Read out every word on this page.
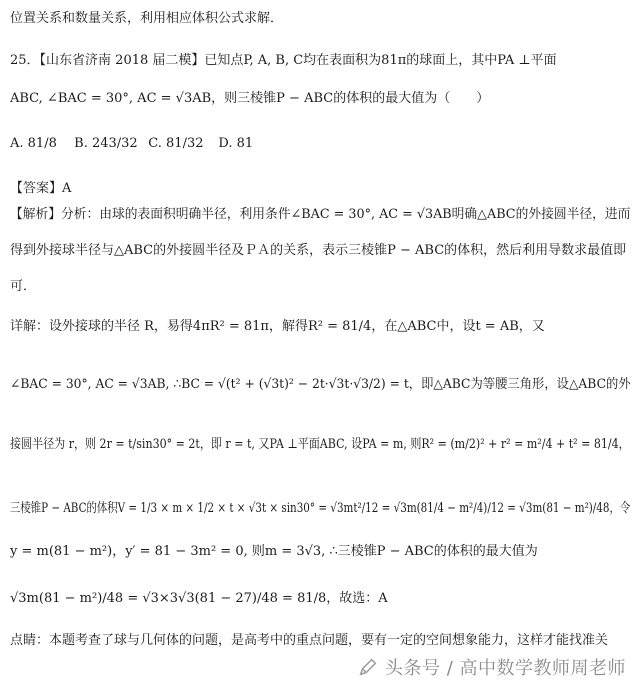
位置关系和数量关系，利用相应体积公式求解．
25．【山东省济南 2018 届二模】已知点P, A, B, C均在表面积为81π的球面上，其中PA ⊥平面
ABC, ∠BAC = 30°, AC = √3AB，则三棱锥P − ABC的体积的最大值为（　　）
A. 81/8 B. 243/32 C. 81/32 D. 81
【答案】A
【解析】分析：由球的表面积明确半径，利用条件∠BAC = 30°, AC = √3AB明确△ABC的外接圆半径，进而
得到外接球半径与△ABC的外接圆半径及ＰＡ的关系，表示三棱锥P − ABC的体积，然后利用导数求最值即
可．
详解：设外接球的半径 R，易得4πR² = 81π，解得R² = 81/4，在△ABC中，设t = AB，又
∠BAC = 30°, AC = √3AB, ∴BC = √(t² + (√3t)² − 2t·√3t·√3/2) = t，即△ABC为等腰三角形，设△ABC的外
接圆半径为 r，则 2r = t/sin30° = 2t，即 r = t, 又PA ⊥平面ABC, 设PA = m, 则R² = (m/2)² + r² = m²/4 + t² = 81/4，
三棱锥P − ABC的体积V = 1/3 × m × 1/2 × t × √3t × sin30° = √3mt²/12 = √3m(81/4 − m²/4)/12 = √3m(81 − m²)/48，令
y = m(81 − m²)，y′ = 81 − 3m² = 0, 则m = 3√3, ∴三棱锥P − ABC的体积的最大值为
√3m(81 − m²)/48 = √3×3√3(81 − 27)/48 = 81/8，故选：A
点睛：本题考查了球与几何体的问题，是高考中的重点问题，要有一定的空间想象能力，这样才能找准关
头条号 / 高中数学教师周老师
